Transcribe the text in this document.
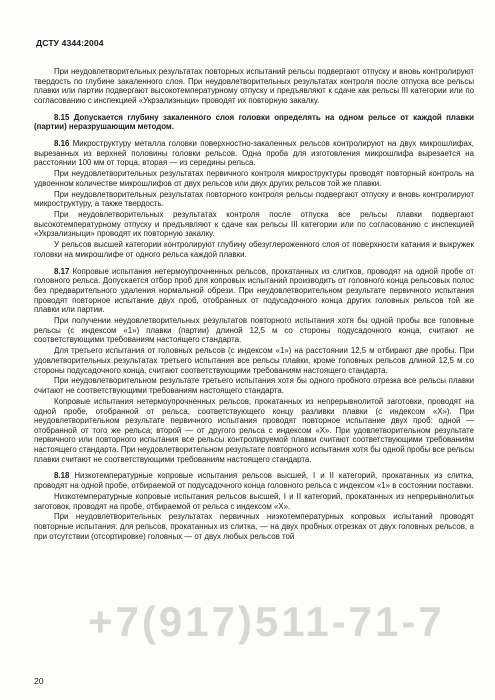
ДСТУ 4344:2004

При неудовлетворительных результатах повторных испытаний рельсы подвергают отпуску и вновь контролируют твердость по глубине закаленного слоя. При неудовлетворительных результатах контроля после отпуска все рельсы плавки или партии подвергают высокотемпературному отпуску и предъявляют к сдаче как рельсы III категории или по согласованию с инспекцией «Укрзализныци» проводят их повторную закалку.

8.15 Допускается глубину закаленного слоя головки определять на одном рельсе от каждой плавки (партии) неразрушающим методом.

8.16 Микроструктуру металла головки поверхностно-закаленных рельсов контролируют на двух микрошлифах, вырезанных из верхней половины головки рельсов. Одна проба для изготовления микрошлифа вырезается на расстоянии 100 мм от торца, вторая — из середины рельса.

При неудовлетворительных результатах первичного контроля микроструктуры проводят повторный контроль на удвоенном количестве микрошлифов от двух рельсов или двух других рельсов той же плавки.

При неудовлетворительных результатах повторного контроля рельсы подвергают отпуску и вновь контролируют микроструктуру, а также твердость.

При неудовлетворительных результатах контроля после отпуска все рельсы плавки подвергают высокотемпературному отпуску и предъявляют к сдаче как рельсы III категории или по согласованию с инспекцией «Укрзализныци» проводят их повторную закалку.

У рельсов высшей категории контролируют глубину обезуглероженного слоя от поверхности катания и выкружек головки на микрошлифе от одного рельса каждой плавки.

8.17 Копровые испытания нетермоупрочненных рельсов, прокатанных из слитков, проводят на одной пробе от головного рельса. Допускается отбор проб для копровых испытаний производить от головного конца рельсовых полос без предварительного удаления нормальной обрези. При неудовлетворительном результате первичного испытания проводят повторное испытание двух проб, отобранных от подусадочного конца других головных рельсов той же плавки или партии.

При получении неудовлетворительных результатов повторного испытания хотя бы одной пробы все головные рельсы (с индексом «1») плавки (партии) длиной 12,5 м со стороны подусадочного конца, считают не соответствующими требованиям настоящего стандарта.

Для третьего испытания от головных рельсов (с индексом «1») на расстоянии 12,5 м отбирают две пробы. При удовлетворительных результатах третьего испытания все рельсы плавки, кроме головных рельсов длиной 12,5 м со стороны подусадочного конца, считают соответствующими требованиям настоящего стандарта.

При неудовлетворительном результате третьего испытания хотя бы одного пробного отрезка все рельсы плавки считают не соответствующими требованиям настоящего стандарта.

Копровые испытания нетермоупрочненных рельсов, прокатанных из непрерывнолитой заготовки, проводят на одной пробе, отобранной от рельса, соответствующего концу разливки плавки (с индексом «Х»). При неудовлетворительном результате первичного испытания проводят повторное испытание двух проб: одной — отобранной от того же рельса; второй — от другого рельса с индексом «Х». При удовлетворительном результате первичного или повторного испытания все рельсы контролируемой плавки считают соответствующими требованиям настоящего стандарта. При неудовлетворительном результате повторного испытания хотя бы одной пробы все рельсы плавки считают не соответствующими требованиям настоящего стандарта.

8.18 Низкотемпературные копровые испытания рельсов высшей, I и II категорий, прокатанных из слитка, проводят на одной пробе, отбираемой от подусадочного конца головного рельса с индексом «1» в состоянии поставки.

Низкотемпературные копровые испытания рельсов высшей, I и II категорий, прокатанных из непрерывнолитых заготовок, проводят на пробе, отбираемой от рельса с индексом «Х».

При неудовлетворительных результатах первичных низкотемпературных копровых испытаний проводят повторные испытания: для рельсов, прокатанных из слитка, — на двух пробных отрезках от двух головных рельсов, а при отсутствии (отсортировке) головных — от двух любых рельсов той

+7(917)511-71-7
20
